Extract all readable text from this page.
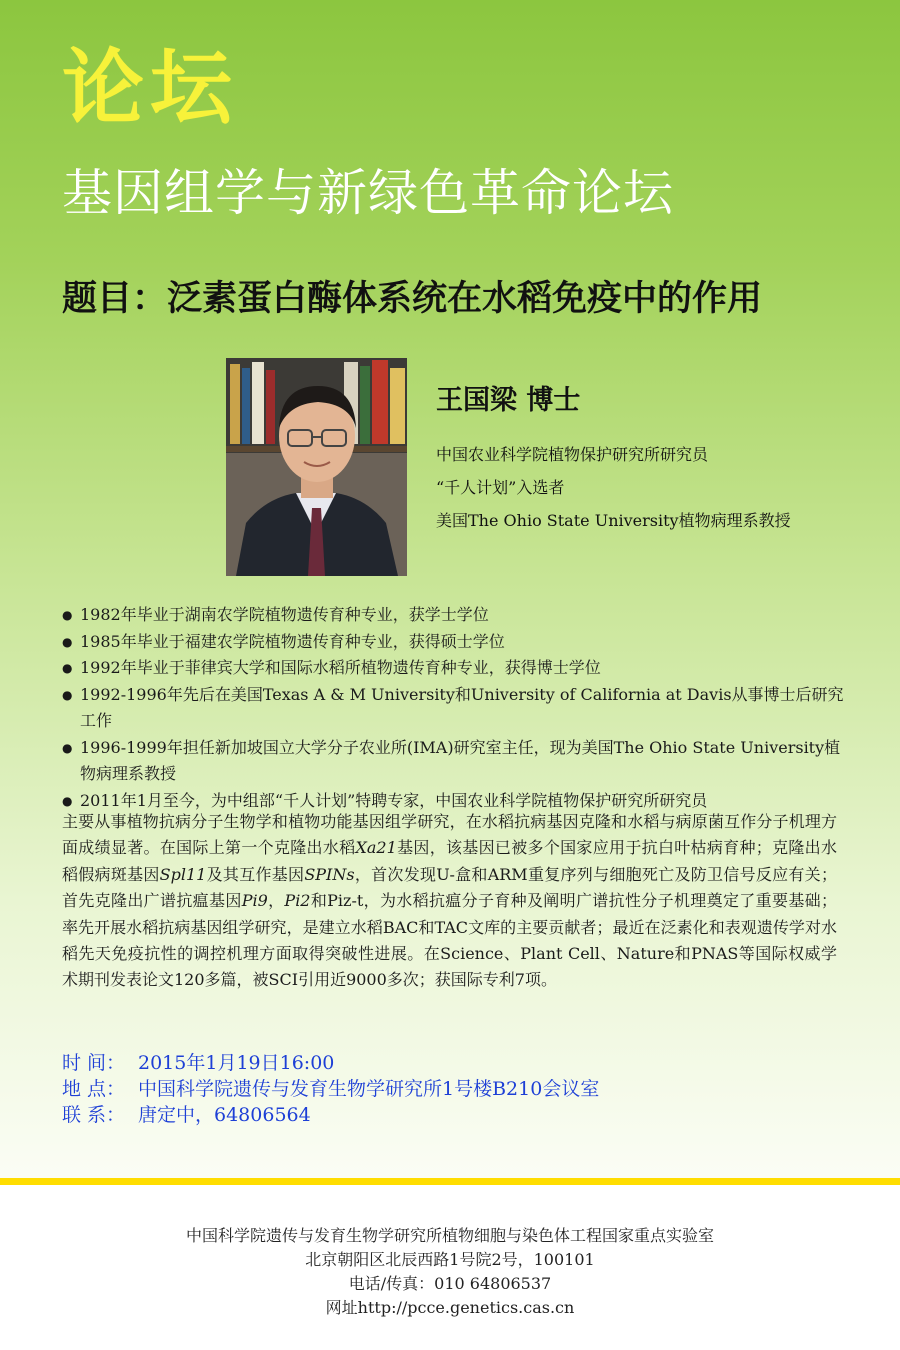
论坛
基因组学与新绿色革命论坛
题目：泛素蛋白酶体系统在水稻免疫中的作用
王国梁 博士
中国农业科学院植物保护研究所研究员
“千人计划”入选者
美国The Ohio State University植物病理系教授
● 1982年毕业于湖南农学院植物遗传育种专业，获学士学位
● 1985年毕业于福建农学院植物遗传育种专业，获得硕士学位
● 1992年毕业于菲律宾大学和国际水稻所植物遗传育种专业，获得博士学位
● 1992-1996年先后在美国Texas A & M University和University of California at Davis从事博士后研究工作
● 1996-1999年担任新加坡国立大学分子农业所(IMA)研究室主任，现为美国The Ohio State University植物病理系教授
● 2011年1月至今，为中组部“千人计划”特聘专家，中国农业科学院植物保护研究所研究员
主要从事植物抗病分子生物学和植物功能基因组学研究，在水稻抗病基因克隆和水稻与病原菌互作分子机理方面成绩显著。在国际上第一个克隆出水稻Xa21基因，该基因已被多个国家应用于抗白叶枯病育种；克隆出水稻假病斑基因Spl11及其互作基因SPINs，首次发现U-盒和ARM重复序列与细胞死亡及防卫信号反应有关；首先克隆出广谱抗瘟基因Pi9，Pi2和Piz-t，为水稻抗瘟分子育种及阐明广谱抗性分子机理奠定了重要基础；率先开展水稻抗病基因组学研究，是建立水稻BAC和TAC文库的主要贡献者；最近在泛素化和表观遗传学对水稻先天免疫抗性的调控机理方面取得突破性进展。在Science、Plant Cell、Nature和PNAS等国际权威学术期刊发表论文120多篇，被SCI引用近9000多次；获国际专利7项。
时 间： 2015年1月19日16:00
地 点： 中国科学院遗传与发育生物学研究所1号楼B210会议室
联 系： 唐定中，64806564
中国科学院遗传与发育生物学研究所植物细胞与染色体工程国家重点实验室
北京朝阳区北辰西路1号院2号，100101
电话/传真：010 64806537
网址http://pcce.genetics.cas.cn
